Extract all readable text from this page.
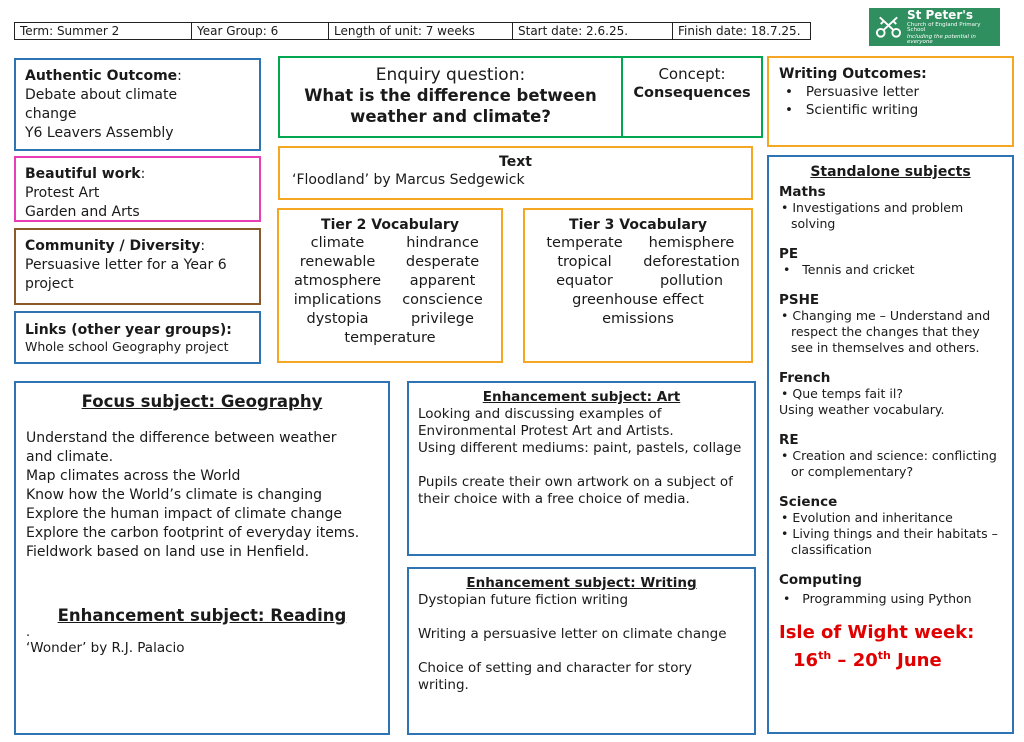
Term: Summer 2	Year Group: 6	Length of unit: 7 weeks	Start date: 2.6.25.	Finish date: 18.7.25.
St Peter's
Church of England Primary School
Including the potential in everyone
Authentic Outcome:
Debate about climate
change
Y6 Leavers Assembly
Beautiful work:
Protest Art
Garden and Arts
Community / Diversity:
Persuasive letter for a Year 6
project
Links (other year groups):
Whole school Geography project
Enquiry question:
What is the difference between
weather and climate?
Concept:
Consequences
Writing Outcomes:
•   Persuasive letter
•   Scientific writing
Text
‘Floodland’ by Marcus Sedgewick
Tier 2 Vocabulary
climate	hindrance
renewable	desperate
atmosphere	apparent
implications	conscience
dystopia	privilege
temperature
Tier 3 Vocabulary
temperate	hemisphere
tropical	deforestation
equator	pollution
greenhouse effect
emissions
Standalone subjects
Maths
• Investigations and problem
solving
PE
•   Tennis and cricket
PSHE
• Changing me – Understand and
respect the changes that they
see in themselves and others.
French
• Que temps fait il?
Using weather vocabulary.
RE
• Creation and science: conflicting
or complementary?
Science
• Evolution and inheritance
• Living things and their habitats –
classification
Computing
•   Programming using Python
Isle of Wight week:
16th – 20th June
Focus subject: Geography
Understand the difference between weather
and climate.
Map climates across the World
Know how the World’s climate is changing
Explore the human impact of climate change
Explore the carbon footprint of everyday items.
Fieldwork based on land use in Henfield.
Enhancement subject: Reading
.
‘Wonder’ by R.J. Palacio
Enhancement subject: Art
Looking and discussing examples of
Environmental Protest Art and Artists.
Using different mediums: paint, pastels, collage
Pupils create their own artwork on a subject of
their choice with a free choice of media.
Enhancement subject: Writing
Dystopian future fiction writing
Writing a persuasive letter on climate change
Choice of setting and character for story
writing.
